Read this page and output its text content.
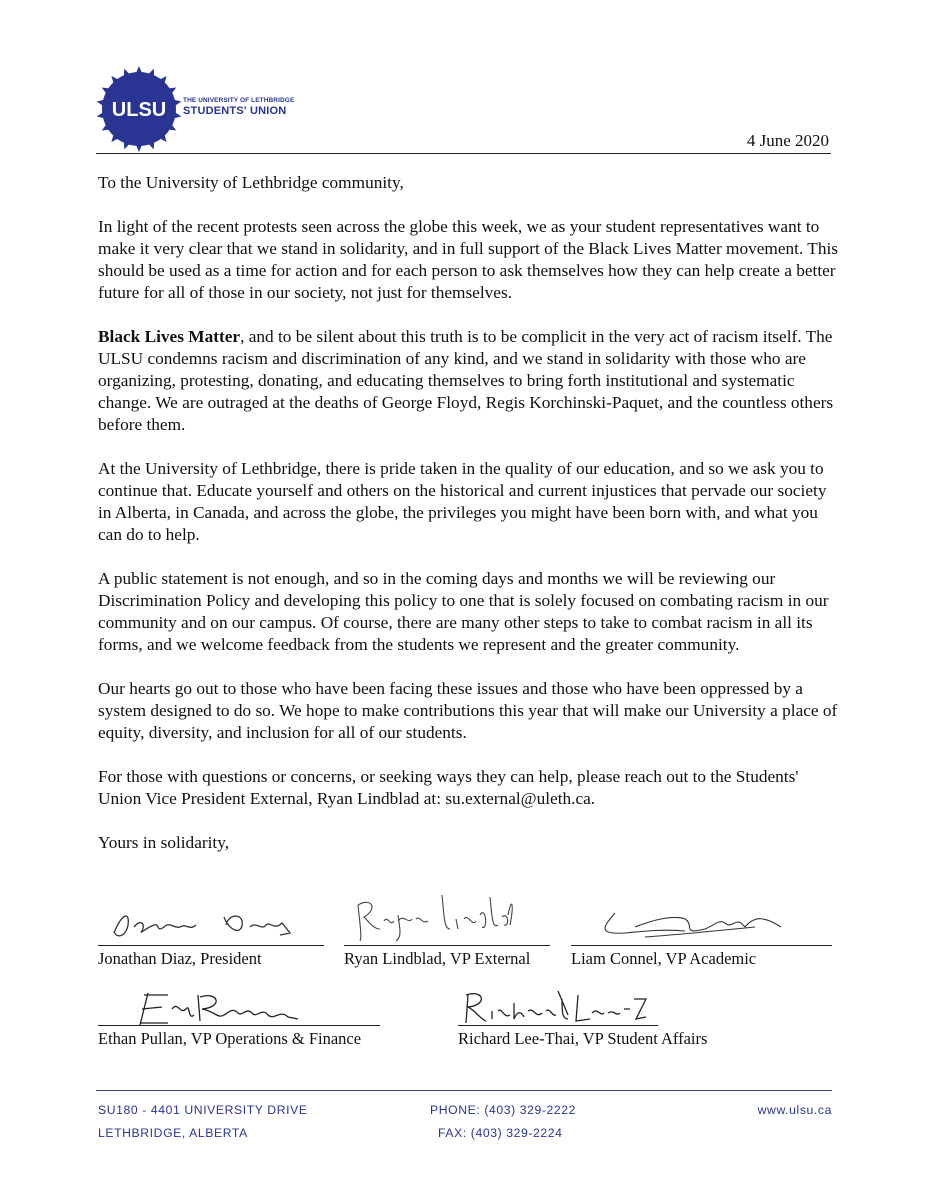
ULSU	THE UNIVERSITY OF LETHBRIDGE
STUDENTS' UNION
4 June 2020

To the University of Lethbridge community,

In light of the recent protests seen across the globe this week, we as your student representatives want to make it very clear that we stand in solidarity, and in full support of the Black Lives Matter movement. This should be used as a time for action and for each person to ask themselves how they can help create a better future for all of those in our society, not just for themselves.

Black Lives Matter, and to be silent about this truth is to be complicit in the very act of racism itself. The ULSU condemns racism and discrimination of any kind, and we stand in solidarity with those who are organizing, protesting, donating, and educating themselves to bring forth institutional and systematic change. We are outraged at the deaths of George Floyd, Regis Korchinski-Paquet, and the countless others before them.

At the University of Lethbridge, there is pride taken in the quality of our education, and so we ask you to continue that. Educate yourself and others on the historical and current injustices that pervade our society in Alberta, in Canada, and across the globe, the privileges you might have been born with, and what you can do to help.

A public statement is not enough, and so in the coming days and months we will be reviewing our Discrimination Policy and developing this policy to one that is solely focused on combating racism in our community and on our campus. Of course, there are many other steps to take to combat racism in all its forms, and we welcome feedback from the students we represent and the greater community.

Our hearts go out to those who have been facing these issues and those who have been oppressed by a system designed to do so. We hope to make contributions this year that will make our University a place of equity, diversity, and inclusion for all of our students.

For those with questions or concerns, or seeking ways they can help, please reach out to the Students' Union Vice President External, Ryan Lindblad at: su.external@uleth.ca.

Yours in solidarity,

Jonathan Diaz, President	Ryan Lindblad, VP External Liam Connel, VP Academic
Ethan Pullan, VP Operations & Finance	Richard Lee-Thai, VP Student Affairs
SU180 - 4401 UNIVERSITY DRIVE
LETHBRIDGE, ALBERTA
PHONE: (403) 329-2222
FAX: (403) 329-2224
www.ulsu.ca
